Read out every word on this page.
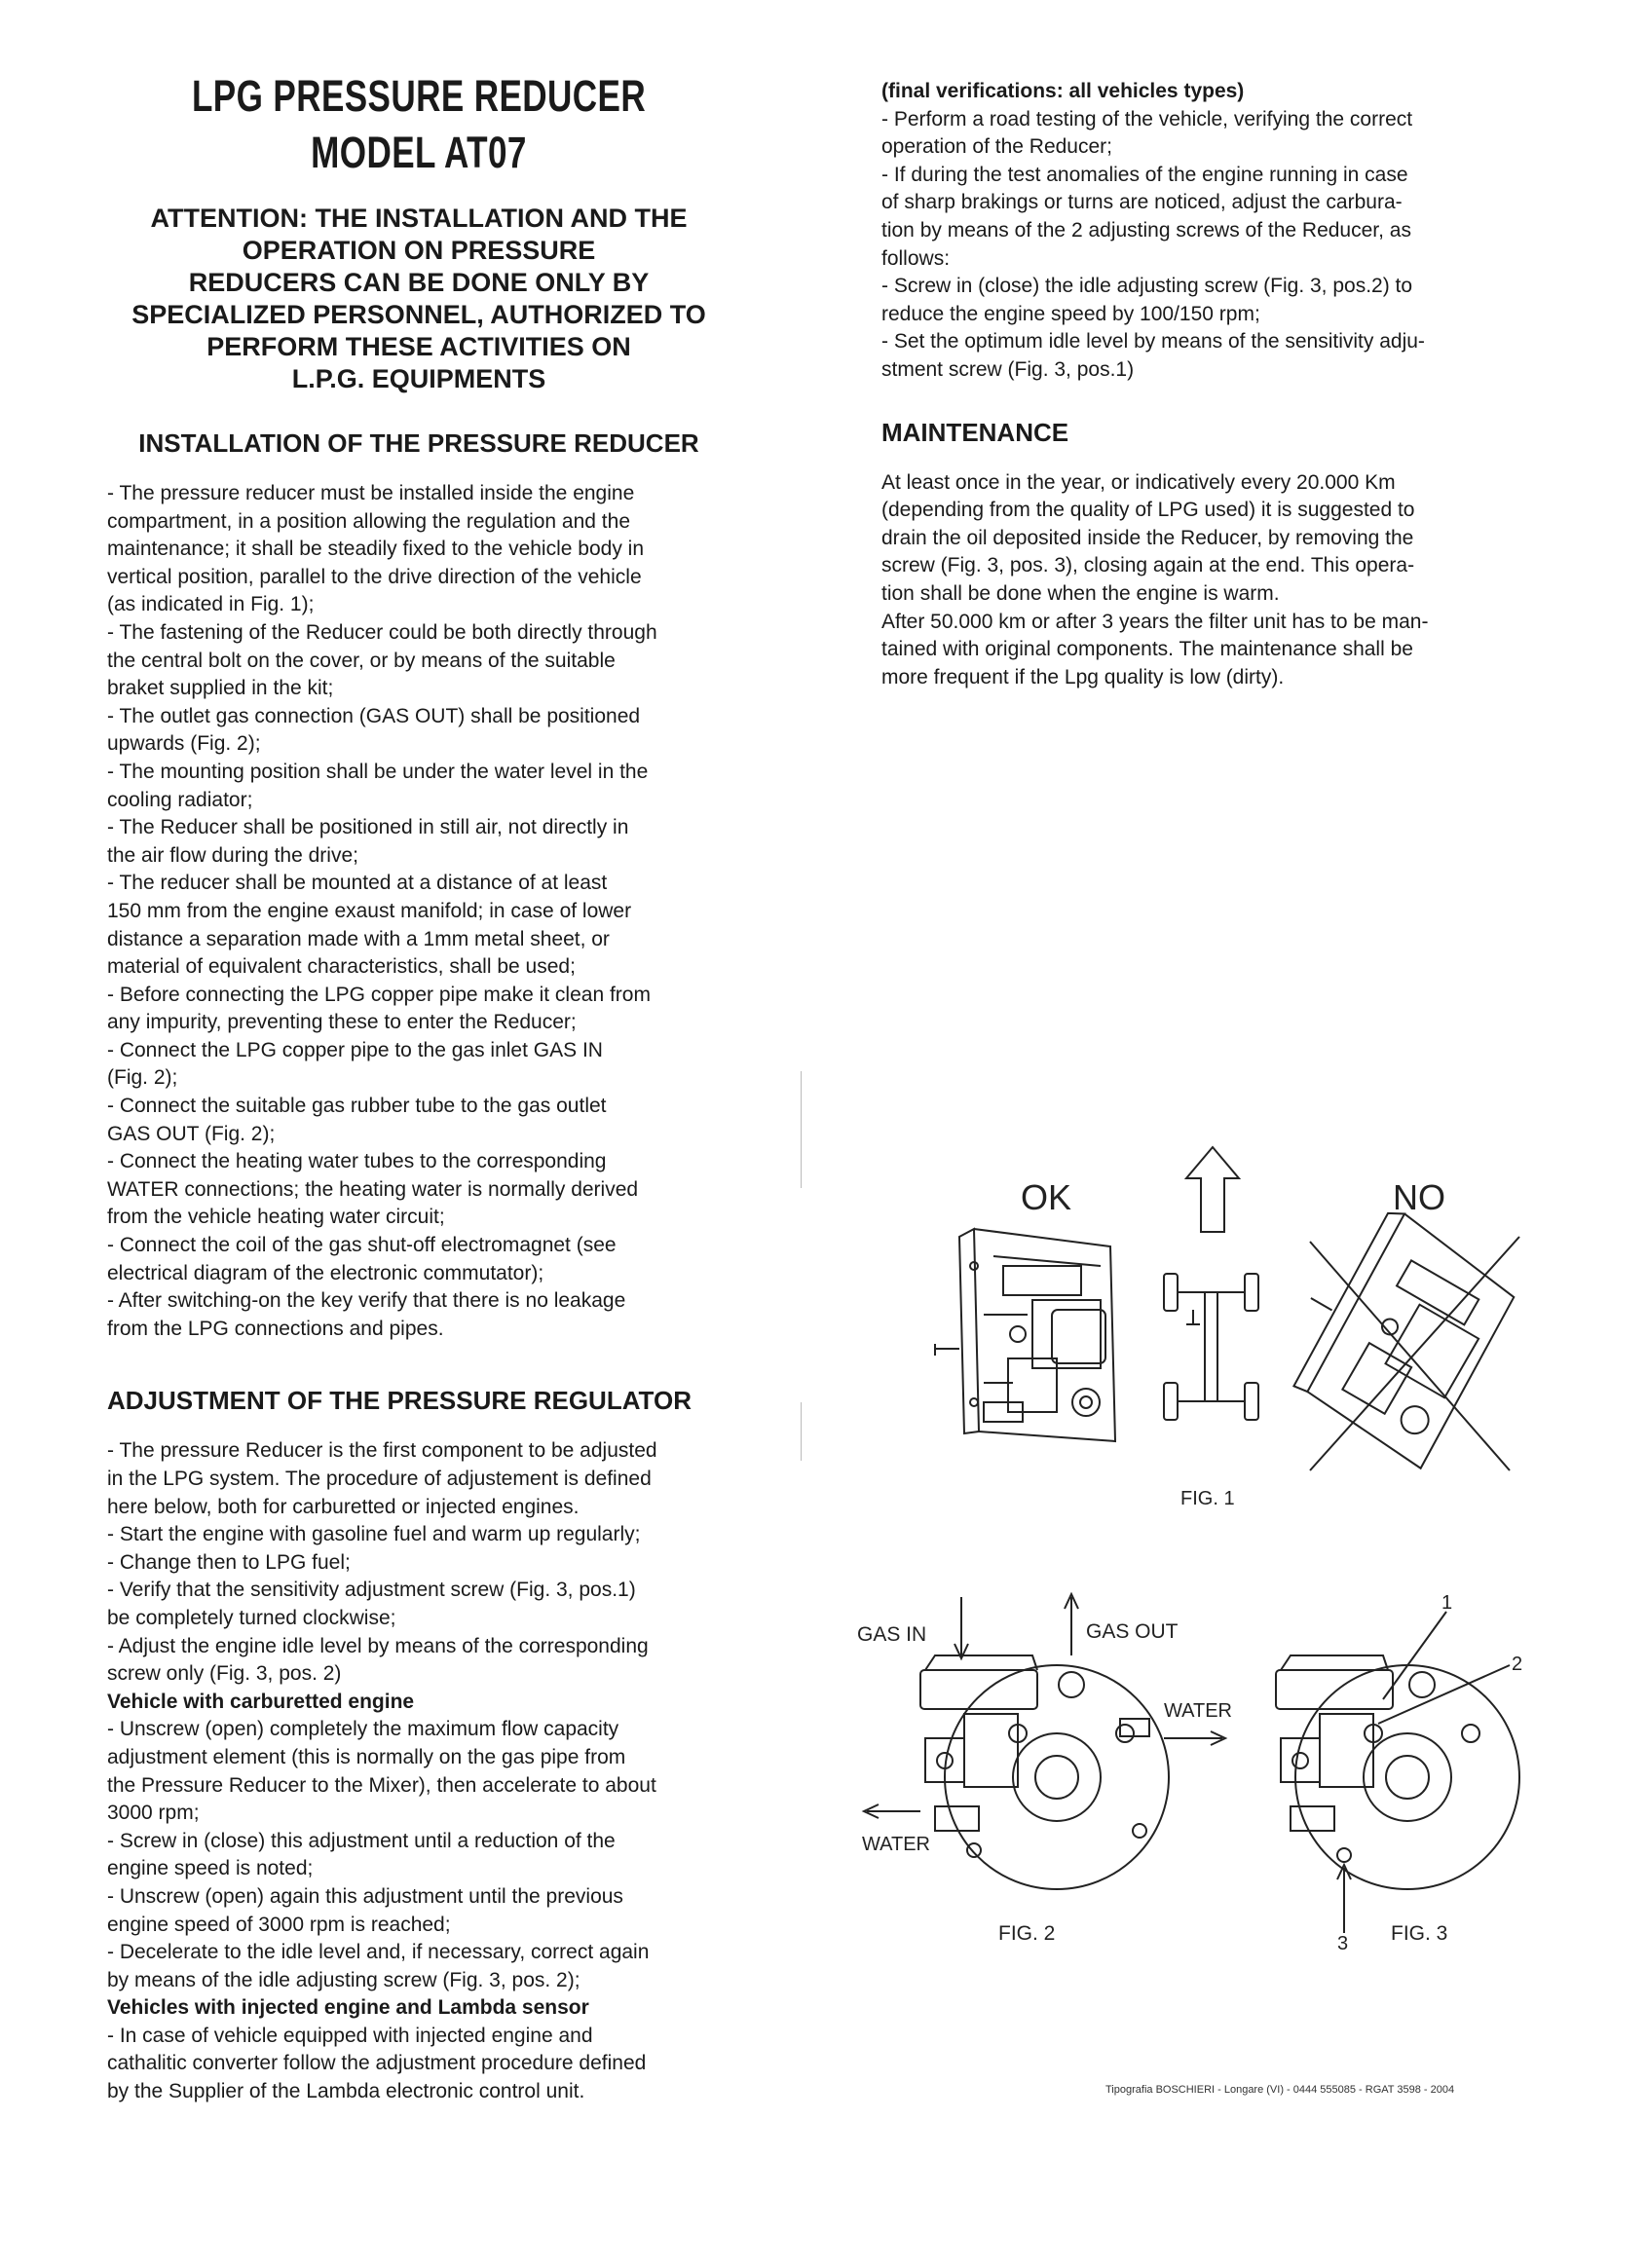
LPG PRESSURE REDUCER
MODEL AT07
ATTENTION: THE INSTALLATION AND THE
OPERATION ON PRESSURE
REDUCERS CAN BE DONE ONLY BY
SPECIALIZED PERSONNEL, AUTHORIZED TO
PERFORM THESE ACTIVITIES ON
L.P.G. EQUIPMENTS
INSTALLATION OF THE PRESSURE REDUCER
- The pressure reducer must be installed inside the engine
compartment, in a position allowing the regulation and the
maintenance; it shall be steadily fixed to the vehicle body in
vertical position, parallel to the drive direction of the vehicle
(as indicated in Fig. 1);
- The fastening of the Reducer could be both directly through
the central bolt on the cover, or by means of the suitable
braket supplied in the kit;
- The outlet gas connection (GAS OUT) shall be positioned
upwards (Fig. 2);
- The mounting position shall be under the water level in the
cooling radiator;
- The Reducer shall be positioned in still air, not directly in
the air flow during the drive;
- The reducer shall be mounted at a distance of at least
150 mm from the engine exaust manifold; in case of lower
distance a separation made with a 1mm metal sheet, or
material of equivalent characteristics, shall be used;
- Before connecting the LPG copper pipe make it clean from
any impurity, preventing these to enter the Reducer;
- Connect the LPG copper pipe to the gas inlet GAS IN
(Fig. 2);
- Connect the suitable gas rubber tube to the gas outlet
GAS OUT (Fig. 2);
- Connect the heating water tubes to the corresponding
WATER connections; the heating water is normally derived
from the vehicle heating water circuit;
- Connect the coil of the gas shut-off electromagnet (see
electrical diagram of the electronic commutator);
- After switching-on the key verify that there is no leakage
from the LPG connections and pipes.
ADJUSTMENT OF THE PRESSURE REGULATOR
- The pressure Reducer is the first component to be adjusted
in the LPG system. The procedure of adjustement is defined
here below, both for carburetted or injected engines.
- Start the engine with gasoline fuel and warm up regularly;
- Change then to LPG fuel;
- Verify that the sensitivity adjustment screw (Fig. 3, pos.1)
be completely turned clockwise;
- Adjust the engine idle level by means of the corresponding
screw only (Fig. 3, pos. 2)
Vehicle with carburetted engine
- Unscrew (open) completely the maximum flow capacity
adjustment element (this is normally on the gas pipe from
the Pressure Reducer to the Mixer), then accelerate to about
3000 rpm;
- Screw in (close) this adjustment until a reduction of the
engine speed is noted;
- Unscrew (open) again this adjustment until the previous
engine speed of 3000 rpm is reached;
- Decelerate to the idle level and, if necessary, correct again
by means of the idle adjusting screw (Fig. 3, pos. 2);
Vehicles with injected engine and Lambda sensor
- In case of vehicle equipped with injected engine and
cathalitic converter follow the adjustment procedure defined
by the Supplier of the Lambda electronic control unit.
(final verifications: all vehicles types)
- Perform a road testing of the vehicle, verifying the correct
operation of the Reducer;
- If during the test anomalies of the engine running in case
of sharp brakings or turns are noticed, adjust the carbura-
tion by means of the 2 adjusting screws of the Reducer, as
follows:
- Screw in (close) the idle adjusting screw (Fig. 3, pos.2) to
reduce the engine speed by 100/150 rpm;
- Set the optimum idle level by means of the sensitivity adju-
stment screw (Fig. 3, pos.1)
MAINTENANCE
At least once in the year, or indicatively every 20.000 Km
(depending from the quality of LPG used) it is suggested to
drain the oil deposited inside the Reducer, by removing the
screw (Fig. 3, pos. 3), closing again at the end. This opera-
tion shall be done when the engine is warm.
After 50.000 km or after 3 years the filter unit has to be man-
tained with original components. The maintenance shall be
more frequent if the Lpg quality is low (dirty).
OK	NO
FIG. 1
GAS IN	GAS OUT
WATER
WATER
FIG. 2
1
2
3 FIG. 3
Tipografia BOSCHIERI - Longare (VI) - 0444 555085 - RGAT 3598 - 2004
